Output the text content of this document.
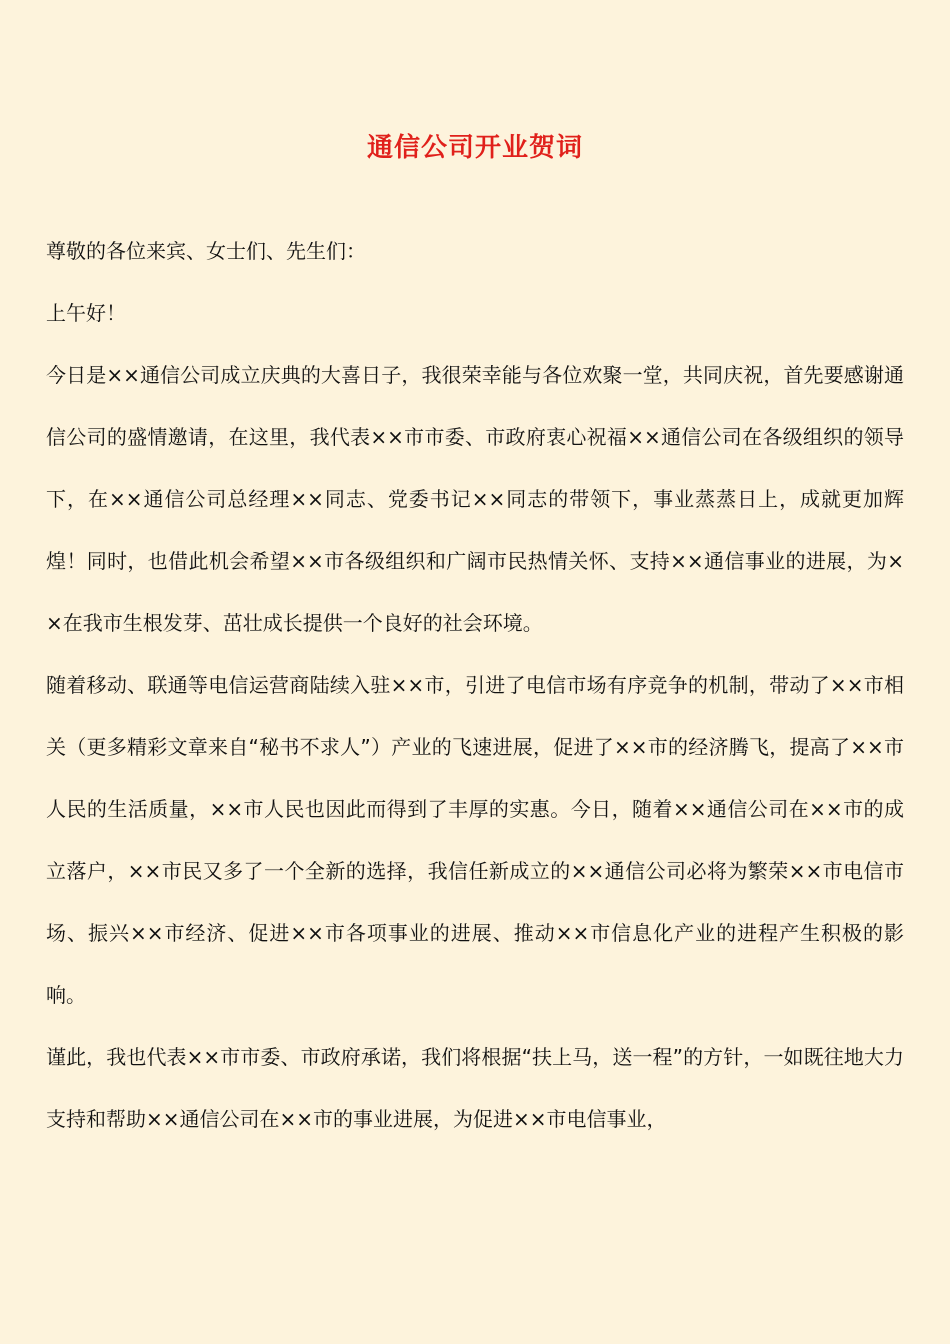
通信公司开业贺词

尊敬的各位来宾、女士们、先生们：

上午好！

今日是××通信公司成立庆典的大喜日子，我很荣幸能与各位欢聚一堂，共同庆祝，首先要感谢通信公司的盛情邀请，在这里，我代表××市市委、市政府衷心祝福××通信公司在各级组织的领导下，在××通信公司总经理××同志、党委书记××同志的带领下，事业蒸蒸日上，成就更加辉煌！同时，也借此机会希望××市各级组织和广阔市民热情关怀、支持××通信事业的进展，为××在我市生根发芽、茁壮成长提供一个良好的社会环境。

随着移动、联通等电信运营商陆续入驻××市，引进了电信市场有序竞争的机制，带动了××市相关（更多精彩文章来自“秘书不求人”）产业的飞速进展，促进了××市的经济腾飞，提高了××市人民的生活质量，××市人民也因此而得到了丰厚的实惠。今日，随着××通信公司在××市的成立落户，××市民又多了一个全新的选择，我信任新成立的××通信公司必将为繁荣××市电信市场、振兴××市经济、促进××市各项事业的进展、推动××市信息化产业的进程产生积极的影响。

谨此，我也代表××市市委、市政府承诺，我们将根据“扶上马，送一程”的方针，一如既往地大力支持和帮助××通信公司在××市的事业进展，为促进××市电信事业，
